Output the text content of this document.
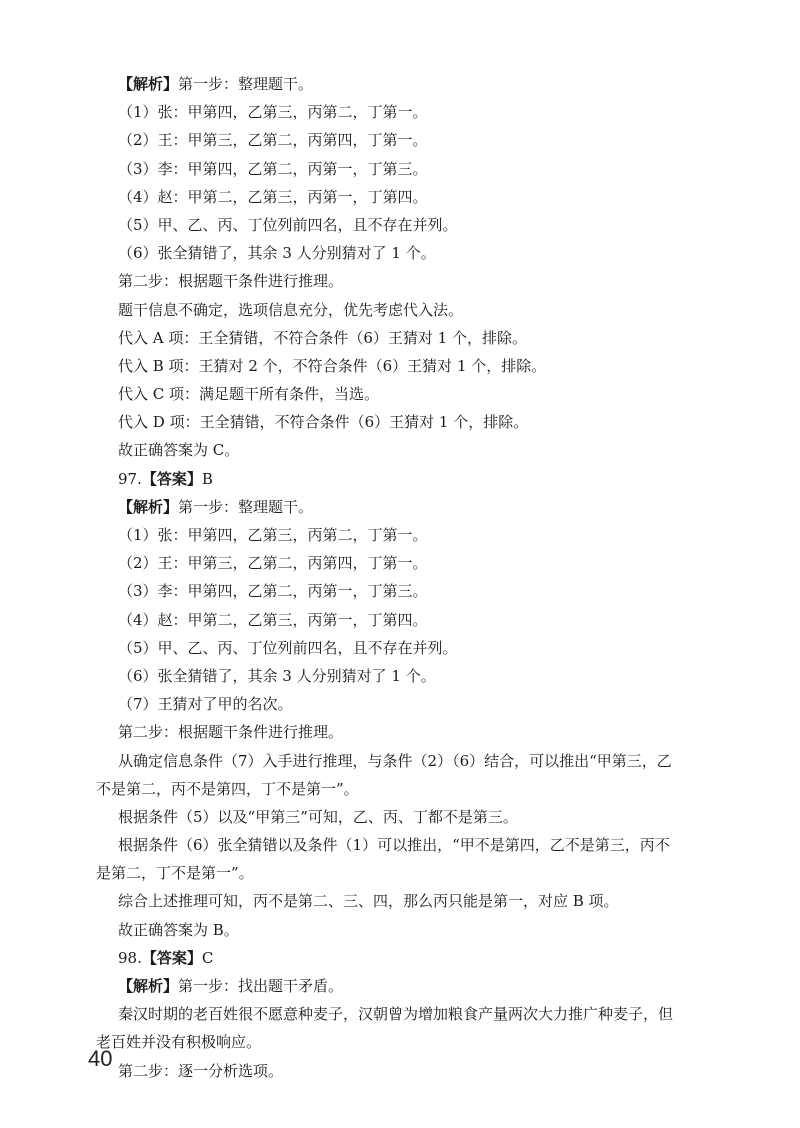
【解析】第一步：整理题干。
（1）张：甲第四，乙第三，丙第二，丁第一。
（2）王：甲第三，乙第二，丙第四，丁第一。
（3）李：甲第四，乙第二，丙第一，丁第三。
（4）赵：甲第二，乙第三，丙第一，丁第四。
（5）甲、乙、丙、丁位列前四名，且不存在并列。
（6）张全猜错了，其余 3 人分别猜对了 1 个。
第二步：根据题干条件进行推理。
题干信息不确定，选项信息充分，优先考虑代入法。
代入 A 项：王全猜错，不符合条件（6）王猜对 1 个，排除。
代入 B 项：王猜对 2 个，不符合条件（6）王猜对 1 个，排除。
代入 C 项：满足题干所有条件，当选。
代入 D 项：王全猜错，不符合条件（6）王猜对 1 个，排除。
故正确答案为 C。
97.【答案】B
【解析】第一步：整理题干。
（1）张：甲第四，乙第三，丙第二，丁第一。
（2）王：甲第三，乙第二，丙第四，丁第一。
（3）李：甲第四，乙第二，丙第一，丁第三。
（4）赵：甲第二，乙第三，丙第一，丁第四。
（5）甲、乙、丙、丁位列前四名，且不存在并列。
（6）张全猜错了，其余 3 人分别猜对了 1 个。
（7）王猜对了甲的名次。
第二步：根据题干条件进行推理。
从确定信息条件（7）入手进行推理，与条件（2）（6）结合，可以推出“甲第三，乙
不是第二，丙不是第四，丁不是第一”。
根据条件（5）以及“甲第三”可知，乙、丙、丁都不是第三。
根据条件（6）张全猜错以及条件（1）可以推出，“甲不是第四，乙不是第三，丙不
是第二，丁不是第一”。
综合上述推理可知，丙不是第二、三、四，那么丙只能是第一，对应 B 项。
故正确答案为 B。
98.【答案】C
【解析】第一步：找出题干矛盾。
秦汉时期的老百姓很不愿意种麦子，汉朝曾为增加粮食产量两次大力推广种麦子，但
老百姓并没有积极响应。
第二步：逐一分析选项。
40
